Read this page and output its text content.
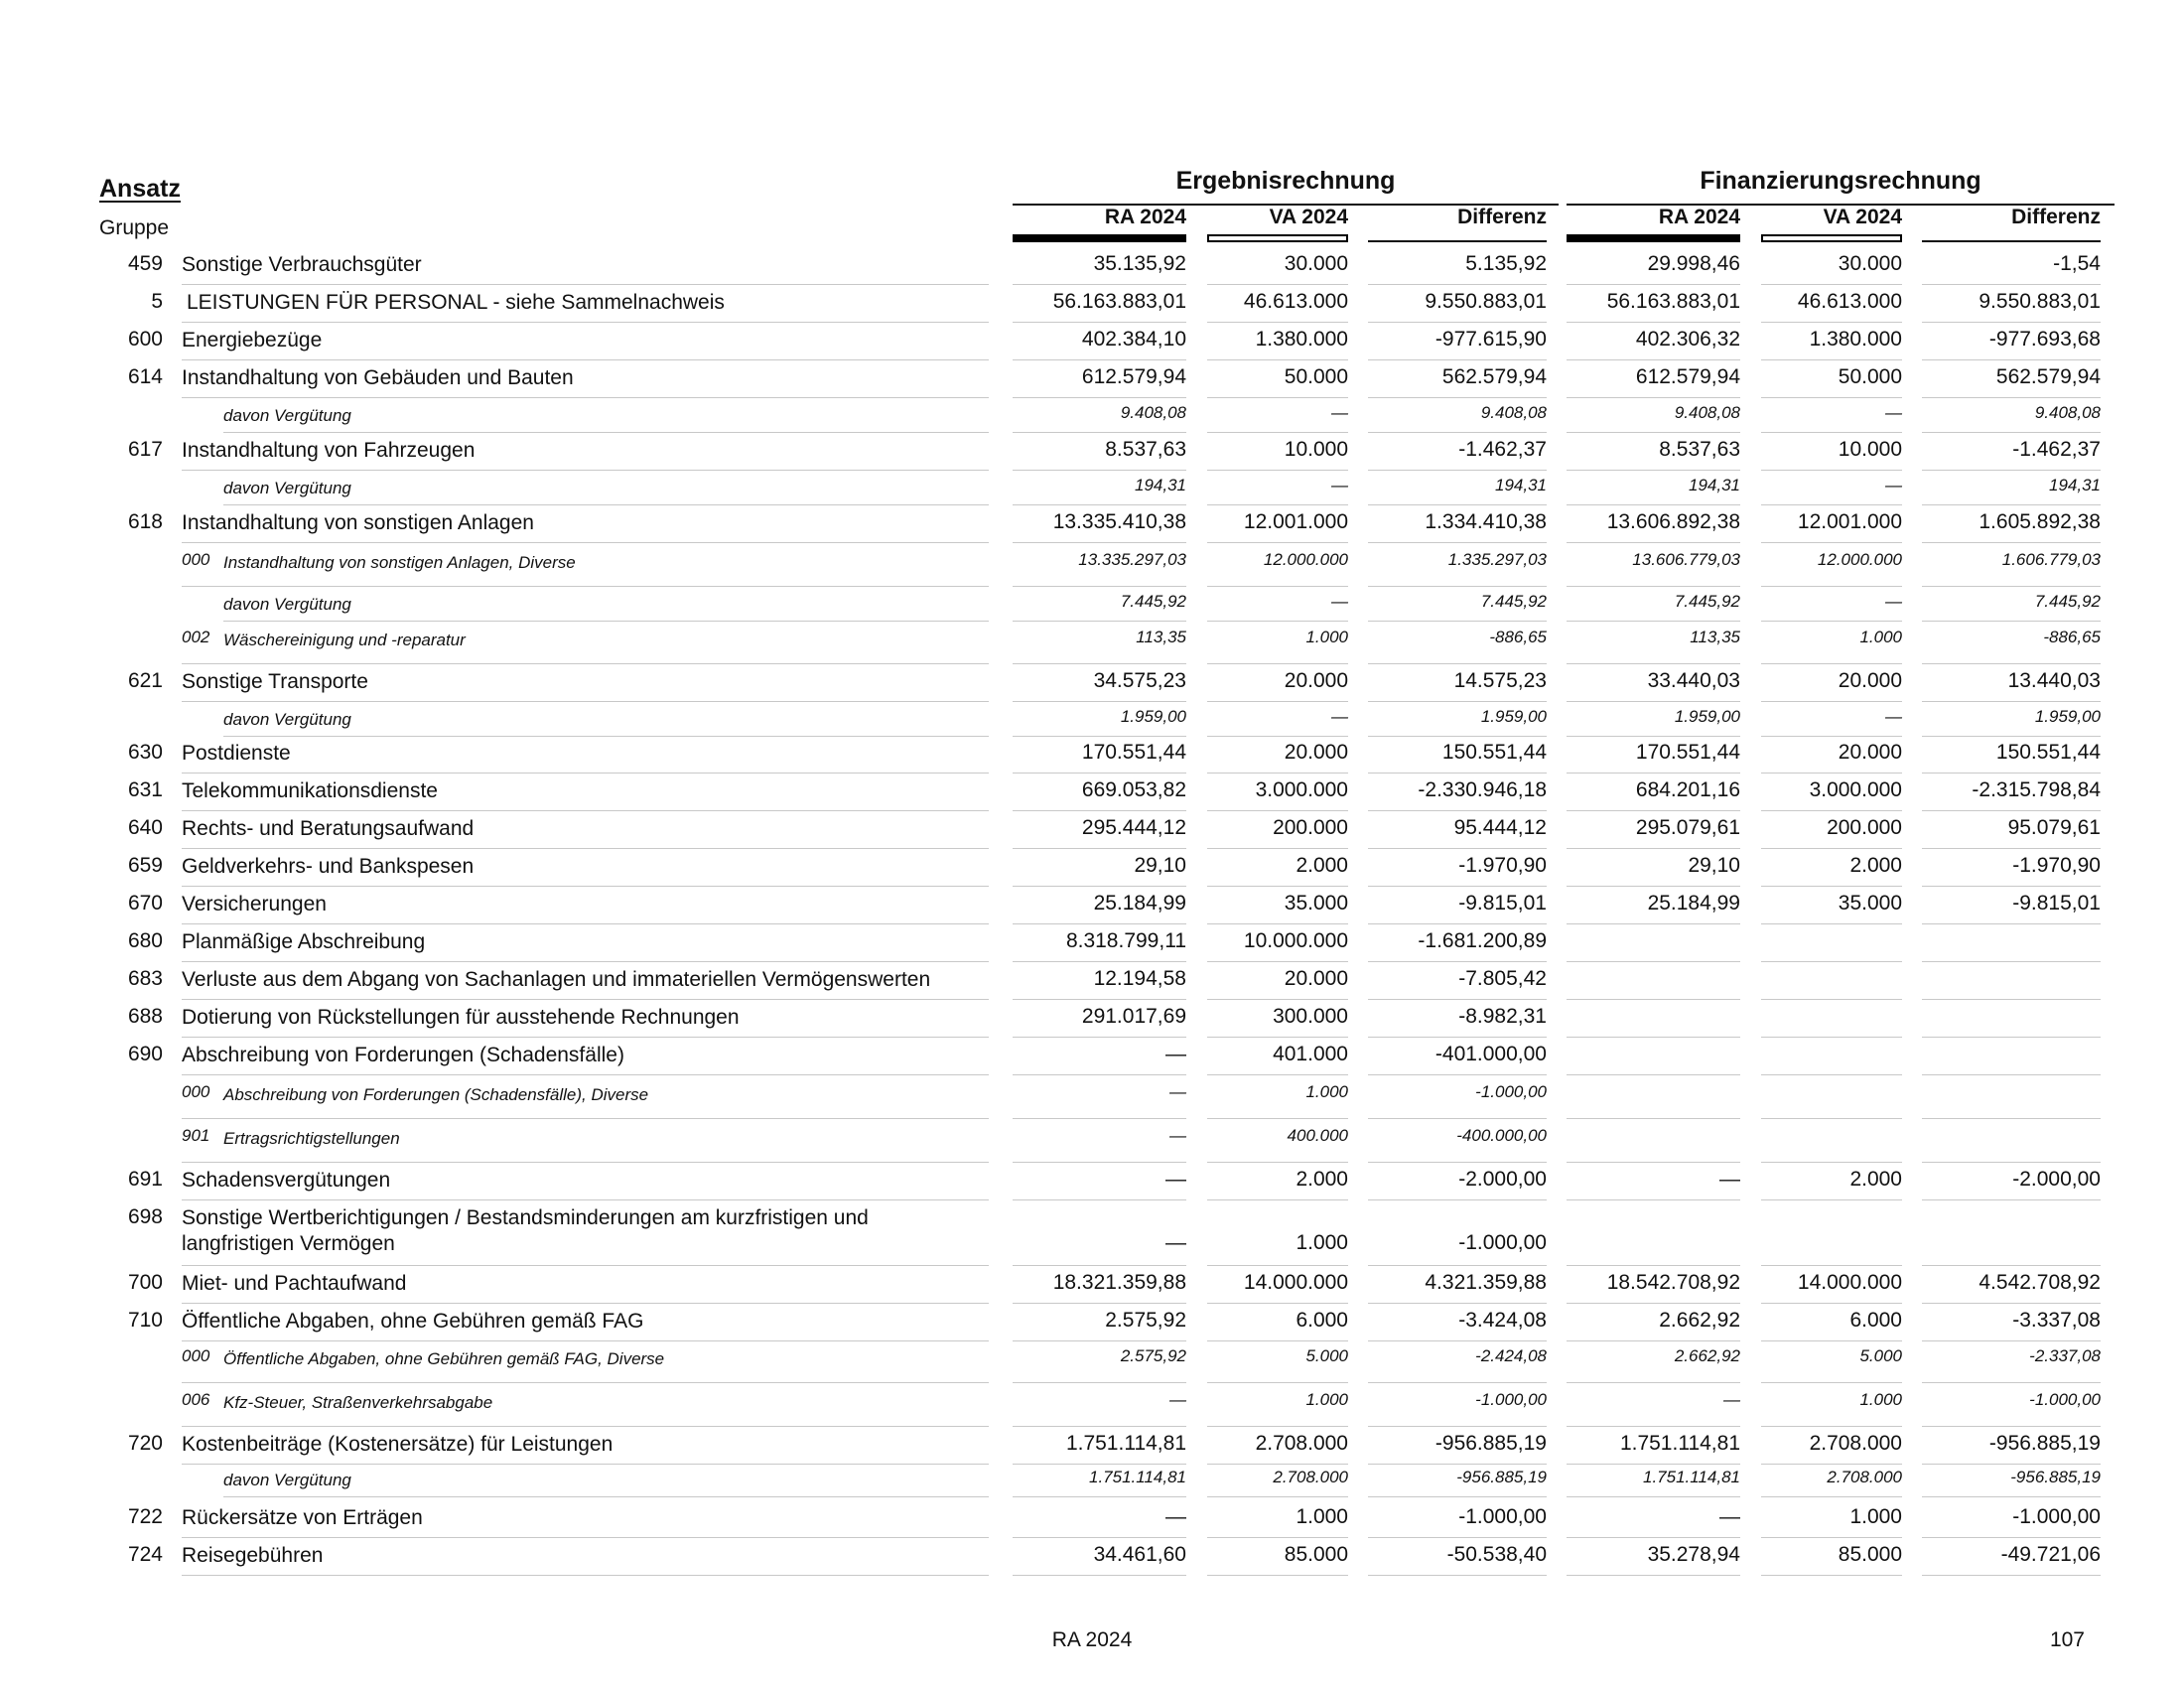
Ansatz
Gruppe
Ergebnisrechnung	Finanzierungsrechnung
RA 2024	VA 2024	Differenz	RA 2024	VA 2024	Differenz
459 Sonstige Verbrauchsgüter	35.135,92	30.000	5.135,92	29.998,46	30.000	-1,54
5 LEISTUNGEN FÜR PERSONAL - siehe Sammelnachweis	56.163.883,01	46.613.000	9.550.883,01	56.163.883,01	46.613.000	9.550.883,01
600 Energiebezüge	402.384,10	1.380.000	-977.615,90	402.306,32	1.380.000	-977.693,68
614 Instandhaltung von Gebäuden und Bauten	612.579,94	50.000	562.579,94	612.579,94	50.000	562.579,94
davon Vergütung	9.408,08	—	9.408,08	9.408,08	—	9.408,08
617 Instandhaltung von Fahrzeugen	8.537,63	10.000	-1.462,37	8.537,63	10.000	-1.462,37
davon Vergütung	194,31	—	194,31	194,31	—	194,31
618 Instandhaltung von sonstigen Anlagen	13.335.410,38	12.001.000	1.334.410,38	13.606.892,38	12.001.000	1.605.892,38
000 Instandhaltung von sonstigen Anlagen, Diverse	13.335.297,03	12.000.000	1.335.297,03	13.606.779,03	12.000.000	1.606.779,03
davon Vergütung	7.445,92	—	7.445,92	7.445,92	—	7.445,92
002 Wäschereinigung und -reparatur	113,35	1.000	-886,65	113,35	1.000	-886,65
621 Sonstige Transporte	34.575,23	20.000	14.575,23	33.440,03	20.000	13.440,03
davon Vergütung	1.959,00	—	1.959,00	1.959,00	—	1.959,00
630 Postdienste	170.551,44	20.000	150.551,44	170.551,44	20.000	150.551,44
631 Telekommunikationsdienste	669.053,82	3.000.000	-2.330.946,18	684.201,16	3.000.000	-2.315.798,84
640 Rechts- und Beratungsaufwand	295.444,12	200.000	95.444,12	295.079,61	200.000	95.079,61
659 Geldverkehrs- und Bankspesen	29,10	2.000	-1.970,90	29,10	2.000	-1.970,90
670 Versicherungen	25.184,99	35.000	-9.815,01	25.184,99	35.000	-9.815,01
680 Planmäßige Abschreibung	8.318.799,11	10.000.000	-1.681.200,89
683 Verluste aus dem Abgang von Sachanlagen und immateriellen Vermögenswerten	12.194,58	20.000	-7.805,42
688 Dotierung von Rückstellungen für ausstehende Rechnungen	291.017,69	300.000	-8.982,31
690 Abschreibung von Forderungen (Schadensfälle)	—	401.000	-401.000,00
000 Abschreibung von Forderungen (Schadensfälle), Diverse	—	1.000	-1.000,00
901 Ertragsrichtigstellungen	—	400.000	-400.000,00
691 Schadensvergütungen	—	2.000	-2.000,00	—	2.000	-2.000,00
698 Sonstige Wertberichtigungen / Bestandsminderungen am kurzfristigen und
langfristigen Vermögen	—	1.000	-1.000,00
700 Miet- und Pachtaufwand	18.321.359,88	14.000.000	4.321.359,88	18.542.708,92	14.000.000	4.542.708,92
710 Öffentliche Abgaben, ohne Gebühren gemäß FAG	2.575,92	6.000	-3.424,08	2.662,92	6.000	-3.337,08
000 Öffentliche Abgaben, ohne Gebühren gemäß FAG, Diverse	2.575,92	5.000	-2.424,08	2.662,92	5.000	-2.337,08
006 Kfz-Steuer, Straßenverkehrsabgabe	—	1.000	-1.000,00	—	1.000	-1.000,00
720 Kostenbeiträge (Kostenersätze) für Leistungen	1.751.114,81	2.708.000	-956.885,19	1.751.114,81	2.708.000	-956.885,19
davon Vergütung	1.751.114,81	2.708.000	-956.885,19	1.751.114,81	2.708.000	-956.885,19
722 Rückersätze von Erträgen	—	1.000	-1.000,00	—	1.000	-1.000,00
724 Reisegebühren	34.461,60	85.000	-50.538,40	35.278,94	85.000	-49.721,06
RA 2024	107
